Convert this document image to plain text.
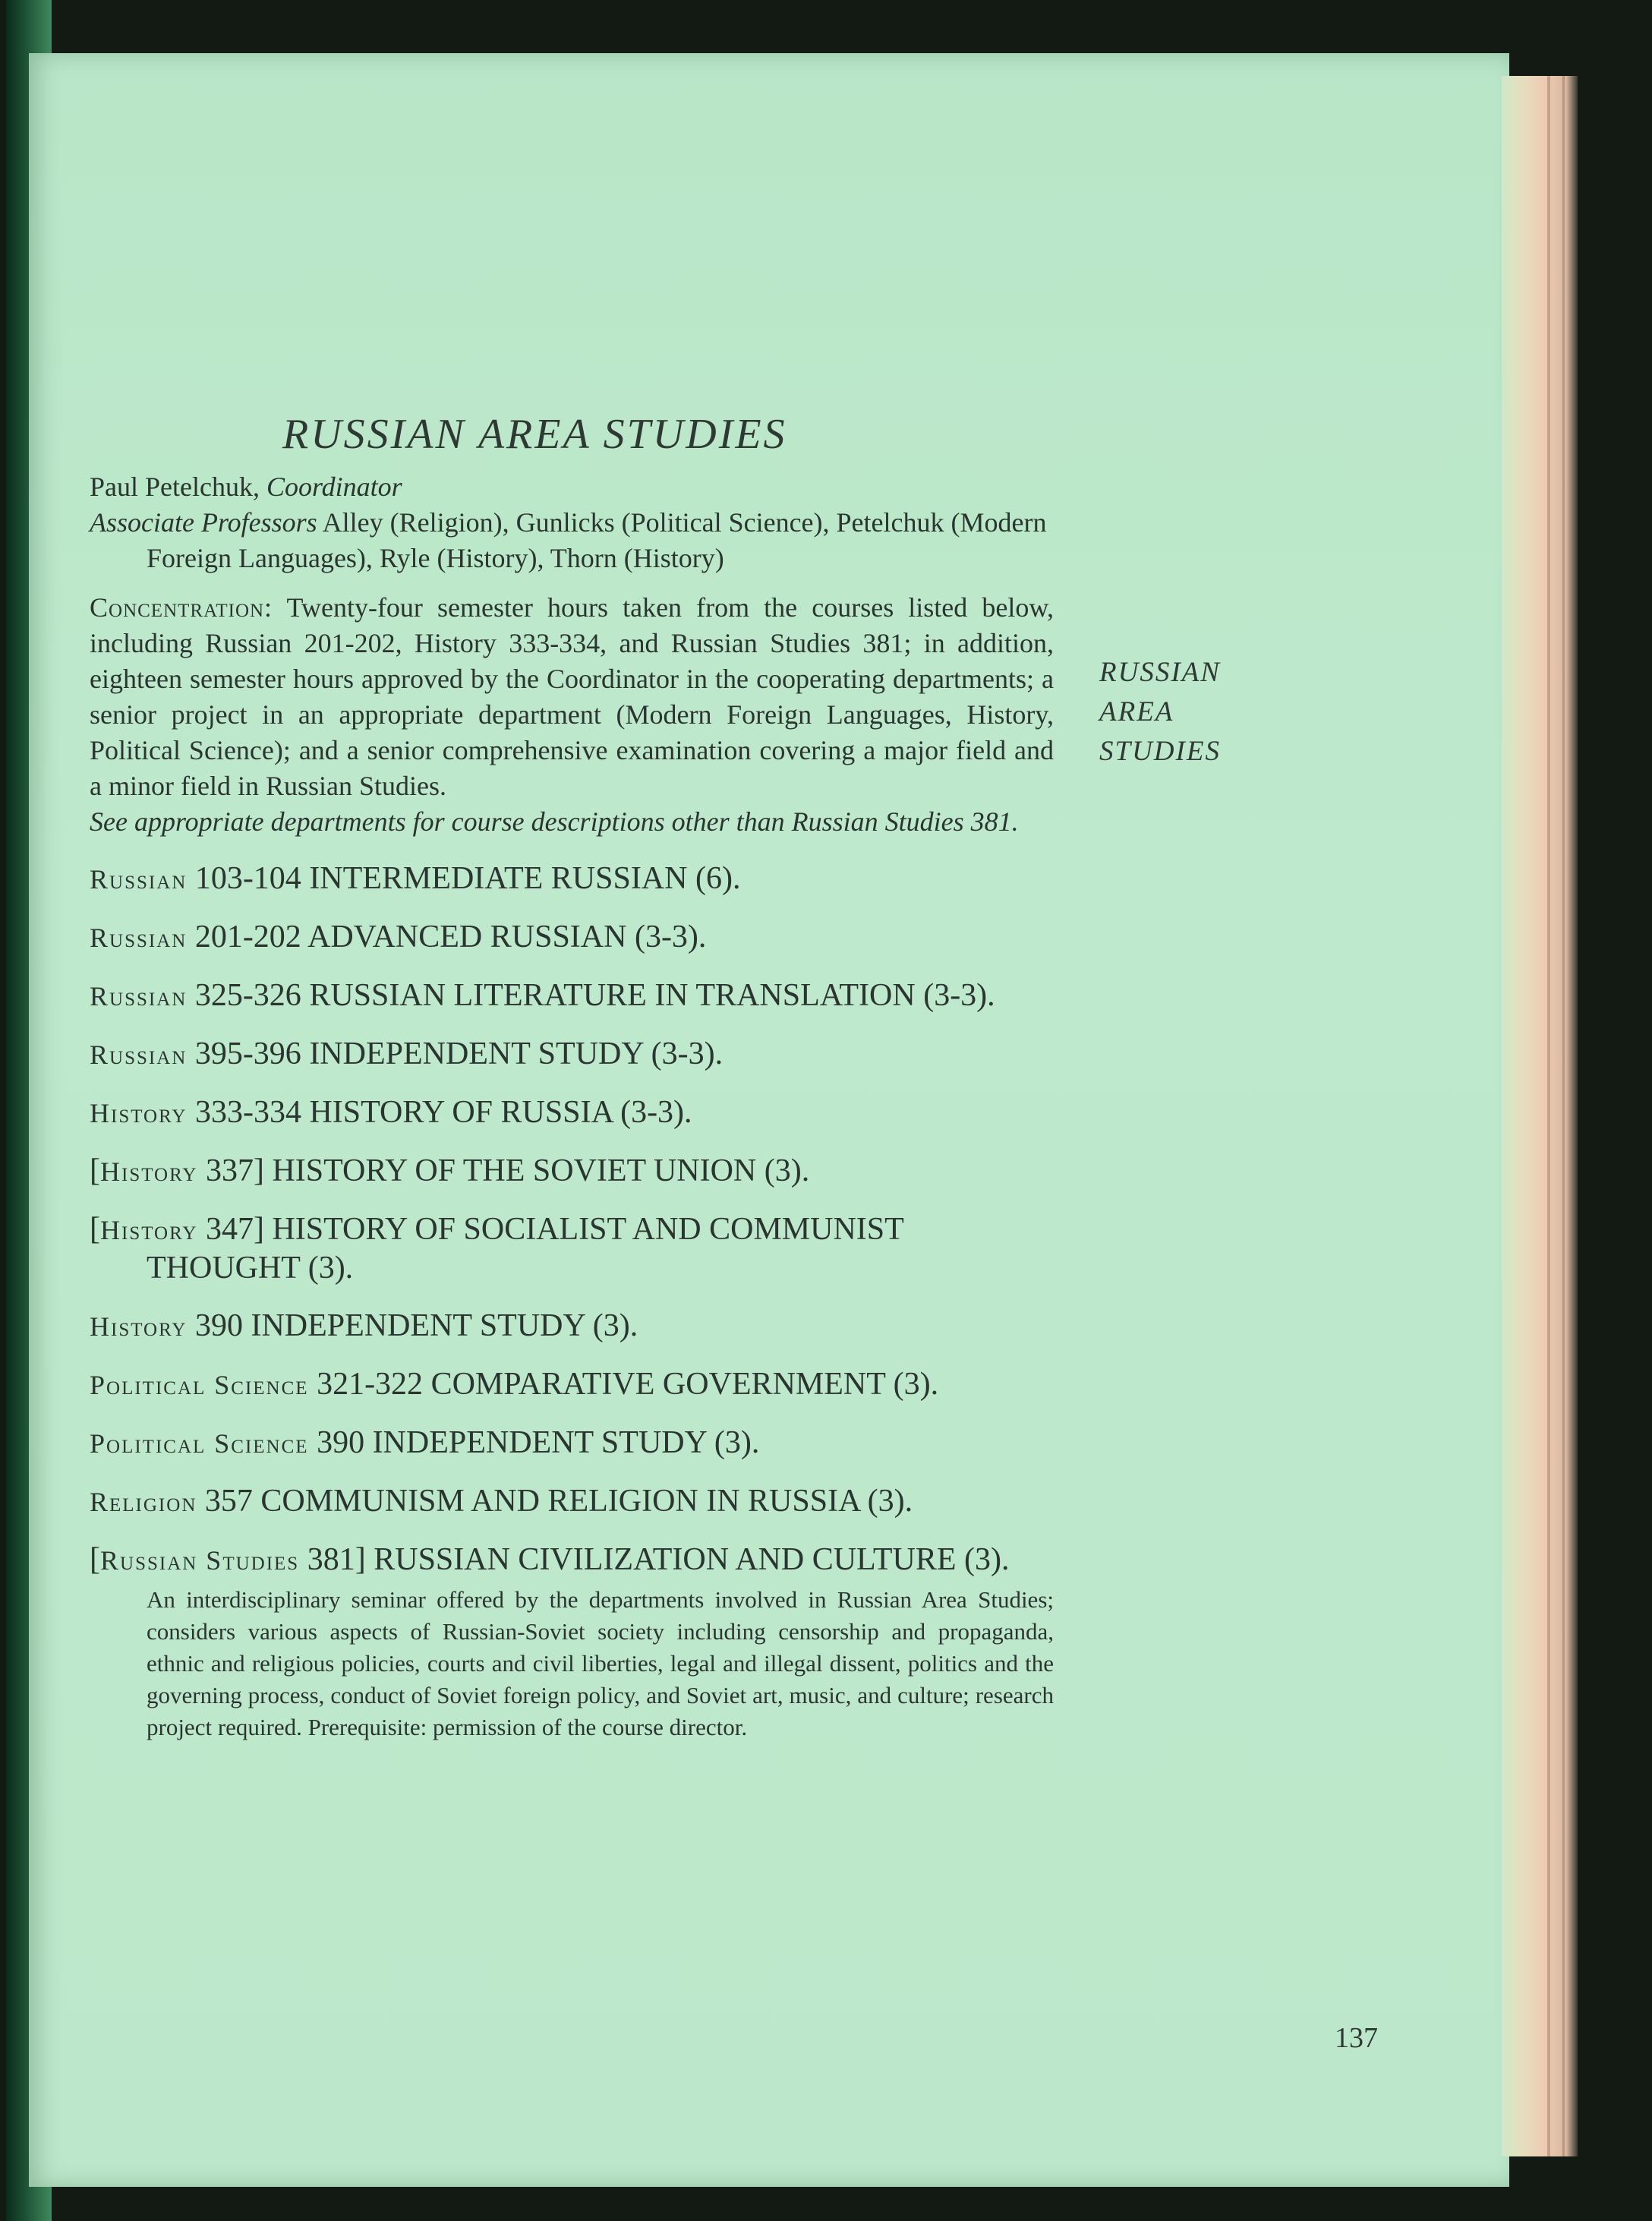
RUSSIAN AREA STUDIES
Paul Petelchuk, Coordinator
Associate Professors Alley (Religion), Gunlicks (Political Science), Petelchuk (Modern Foreign Languages), Ryle (History), Thorn (History)
Concentration: Twenty-four semester hours taken from the courses listed below, including Russian 201-202, History 333-334, and Russian Studies 381; in addition, eighteen semester hours approved by the Coordinator in the cooperating departments; a senior project in an appropriate department (Modern Foreign Languages, History, Political Science); and a senior comprehensive examination covering a major field and a minor field in Russian Studies.
See appropriate departments for course descriptions other than Russian Studies 381.
Russian 103-104 INTERMEDIATE RUSSIAN (6).
Russian 201-202 ADVANCED RUSSIAN (3-3).
Russian 325-326 RUSSIAN LITERATURE IN TRANSLATION (3-3).
Russian 395-396 INDEPENDENT STUDY (3-3).
History 333-334 HISTORY OF RUSSIA (3-3).
[History 337] HISTORY OF THE SOVIET UNION (3).
[History 347] HISTORY OF SOCIALIST AND COMMUNIST THOUGHT (3).
History 390 INDEPENDENT STUDY (3).
Political Science 321-322 COMPARATIVE GOVERNMENT (3).
Political Science 390 INDEPENDENT STUDY (3).
Religion 357 COMMUNISM AND RELIGION IN RUSSIA (3).
[Russian Studies 381] RUSSIAN CIVILIZATION AND CULTURE (3).
An interdisciplinary seminar offered by the departments involved in Russian Area Studies; considers various aspects of Russian-Soviet society including censorship and propaganda, ethnic and religious policies, courts and civil liberties, legal and illegal dissent, politics and the governing process, conduct of Soviet foreign policy, and Soviet art, music, and culture; research project required. Prerequisite: permission of the course director.
RUSSIAN
AREA
STUDIES
137
